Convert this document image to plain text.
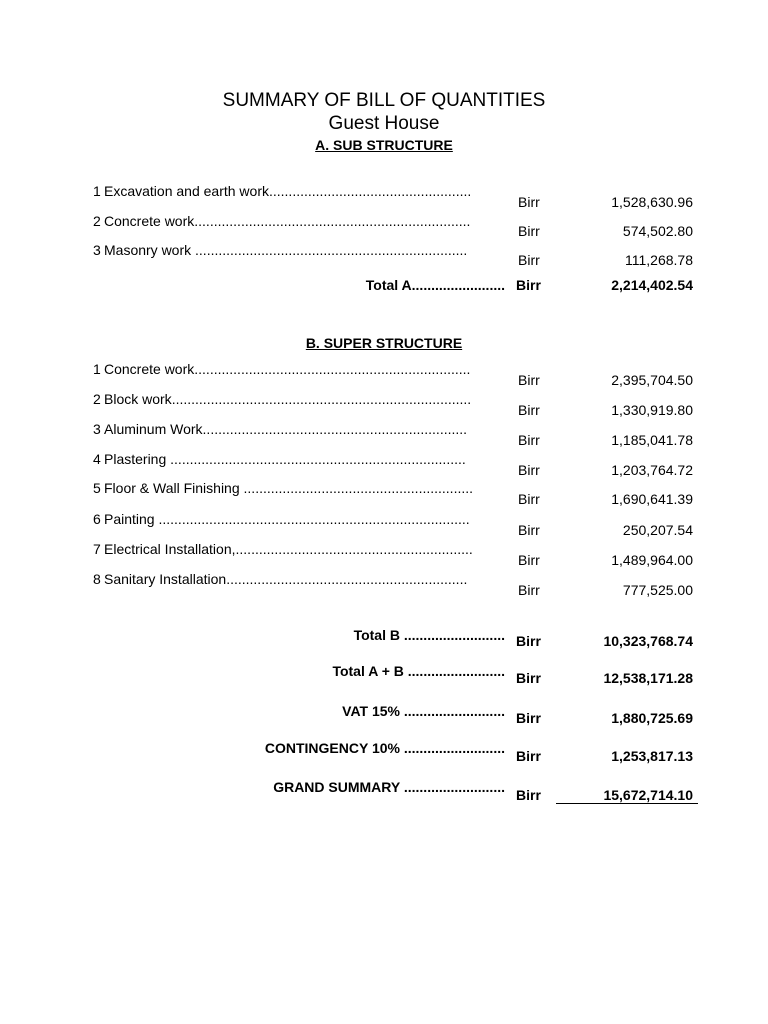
SUMMARY OF BILL OF QUANTITIES
Guest House
A. SUB STRUCTURE
1 Excavation and earth work....................................................
Birr	1,528,630.96
2 Concrete work.......................................................................
Birr	574,502.80
3 Masonry work ......................................................................
Birr	111,268.78
Total A........................ Birr	2,214,402.54
B. SUPER STRUCTURE
1 Concrete work.......................................................................
Birr	2,395,704.50
2 Block work.............................................................................
Birr	1,330,919.80
3 Aluminum Work....................................................................
Birr	1,185,041.78
4 Plastering ............................................................................
Birr	1,203,764.72
5 Floor & Wall Finishing ...........................................................
Birr	1,690,641.39
6 Painting ................................................................................
Birr	250,207.54
7 Electrical Installation,.............................................................
Birr	1,489,964.00
8 Sanitary Installation..............................................................
Birr	777,525.00
Total B .......................... Birr	10,323,768.74
Total A + B ......................... Birr	12,538,171.28
VAT 15% .......................... Birr	1,880,725.69
CONTINGENCY 10% .......................... Birr	1,253,817.13
GRAND SUMMARY .......................... Birr	15,672,714.10
